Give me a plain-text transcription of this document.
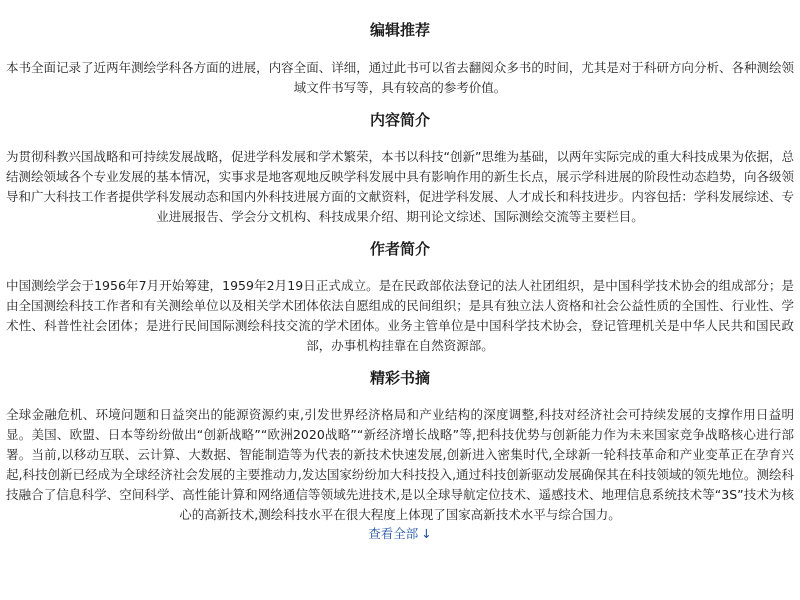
编辑推荐

本书全面记录了近两年测绘学科各方面的进展，内容全面、详细，通过此书可以省去翻阅众多书的时间，尤其是对于科研方向分析、各种测绘领域文件书写等，具有较高的参考价值。

内容简介

为贯彻科教兴国战略和可持续发展战略，促进学科发展和学术繁荣，本书以科技“创新”思维为基础，以两年实际完成的重大科技成果为依据，总结测绘领域各个专业发展的基本情况，实事求是地客观地反映学科发展中具有影响作用的新生长点，展示学科进展的阶段性动态趋势，向各级领导和广大科技工作者提供学科发展动态和国内外科技进展方面的文献资料，促进学科发展、人才成长和科技进步。内容包括：学科发展综述、专业进展报告、学会分文机构、科技成果介绍、期刊论文综述、国际测绘交流等主要栏目。

作者简介

中国测绘学会于1956年7月开始筹建，1959年2月19日正式成立。是在民政部依法登记的法人社团组织，是中国科学技术协会的组成部分；是由全国测绘科技工作者和有关测绘单位以及相关学术团体依法自愿组成的民间组织；是具有独立法人资格和社会公益性质的全国性、行业性、学术性、科普性社会团体；是进行民间国际测绘科技交流的学术团体。业务主管单位是中国科学技术协会，登记管理机关是中华人民共和国民政部，办事机构挂靠在自然资源部。

精彩书摘

全球金融危机、环境问题和日益突出的能源资源约束,引发世界经济格局和产业结构的深度调整,科技对经济社会可持续发展的支撑作用日益明显。美国、欧盟、日本等纷纷做出“创新战略”“欧洲2020战略”“新经济增长战略”等,把科技优势与创新能力作为未来国家竞争战略核心进行部署。当前,以移动互联、云计算、大数据、智能制造等为代表的新技术快速发展,创新进入密集时代,全球新一轮科技革命和产业变革正在孕育兴起,科技创新已经成为全球经济社会发展的主要推动力,发达国家纷纷加大科技投入,通过科技创新驱动发展确保其在科技领域的领先地位。测绘科技融合了信息科学、空间科学、高性能计算和网络通信等领域先进技术,是以全球导航定位技术、遥感技术、地理信息系统技术等“3S”技术为核心的高新技术,测绘科技水平在很大程度上体现了国家高新技术水平与综合国力。

查看全部 ↓
